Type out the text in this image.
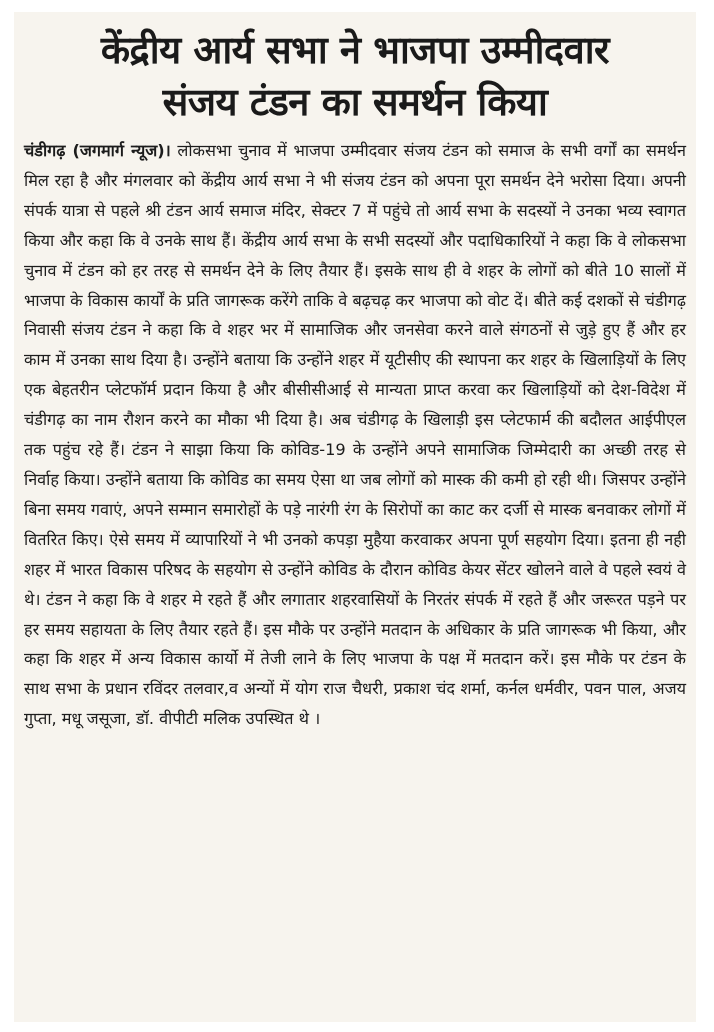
केंद्रीय आर्य सभा ने भाजपा उम्मीदवार
संजय टंडन का समर्थन किया

चंडीगढ़ (जगमार्ग न्यूज)। लोकसभा चुनाव में भाजपा उम्मीदवार संजय टंडन को समाज के सभी वर्गों का समर्थन मिल रहा है और मंगलवार को केंद्रीय आर्य सभा ने भी संजय टंडन को अपना पूरा समर्थन देने भरोसा दिया। अपनी संपर्क यात्रा से पहले श्री टंडन आर्य समाज मंदिर, सेक्टर 7 में पहुंचे तो आर्य सभा के सदस्यों ने उनका भव्य स्वागत किया और कहा कि वे उनके साथ हैं। केंद्रीय आर्य सभा के सभी सदस्यों और पदाधिकारियों ने कहा कि वे लोकसभा चुनाव में टंडन को हर तरह से समर्थन देने के लिए तैयार हैं। इसके साथ ही वे शहर के लोगों को बीते 10 सालों में भाजपा के विकास कार्यों के प्रति जागरूक करेंगे ताकि वे बढ़चढ़ कर भाजपा को वोट दें। बीते कई दशकों से चंडीगढ़ निवासी संजय टंडन ने कहा कि वे शहर भर में सामाजिक और जनसेवा करने वाले संगठनों से जुड़े हुए हैं और हर काम में उनका साथ दिया है। उन्होंने बताया कि उन्होंने शहर में यूटीसीए की स्थापना कर शहर के खिलाड़ियों के लिए एक बेहतरीन प्लेटफॉर्म प्रदान किया है और बीसीसीआई से मान्यता प्राप्त करवा कर खिलाड़ियों को देश-विदेश में चंडीगढ़ का नाम रौशन करने का मौका भी दिया है। अब चंडीगढ़ के खिलाड़ी इस प्लेटफार्म की बदौलत आईपीएल तक पहुंच रहे हैं। टंडन ने साझा किया कि कोविड-19 के उन्होंने अपने सामाजिक जिम्मेदारी का अच्छी तरह से निर्वाह किया। उन्होंने बताया कि कोविड का समय ऐसा था जब लोगों को मास्क की कमी हो रही थी। जिसपर उन्होंने बिना समय गवाएं, अपने सम्मान समारोहों के पड़े नारंगी रंग के सिरोपों का काट कर दर्जी से मास्क बनवाकर लोगों में वितरित किए। ऐसे समय में व्यापारियों ने भी उनको कपड़ा मुहैया करवाकर अपना पूर्ण सहयोग दिया। इतना ही नही शहर में भारत विकास परिषद के सहयोग से उन्होंने कोविड के दौरान कोविड केयर सेंटर खोलने वाले वे पहले स्वयं वे थे। टंडन ने कहा कि वे शहर मे रहते हैं और लगातार शहरवासियों के निरतंर संपर्क में रहते हैं और जरूरत पड़ने पर हर समय सहायता के लिए तैयार रहते हैं। इस मौके पर उन्होंने मतदान के अधिकार के प्रति जागरूक भी किया, और कहा कि शहर में अन्य विकास कार्यो में तेजी लाने के लिए भाजपा के पक्ष में मतदान करें। इस मौके पर टंडन के साथ सभा के प्रधान रविंदर तलवार,व अन्यों में योग राज चैधरी, प्रकाश चंद शर्मा, कर्नल धर्मवीर, पवन पाल, अजय गुप्ता, मधू जसूजा, डॉ. वीपीटी मलिक उपस्थित थे ।
